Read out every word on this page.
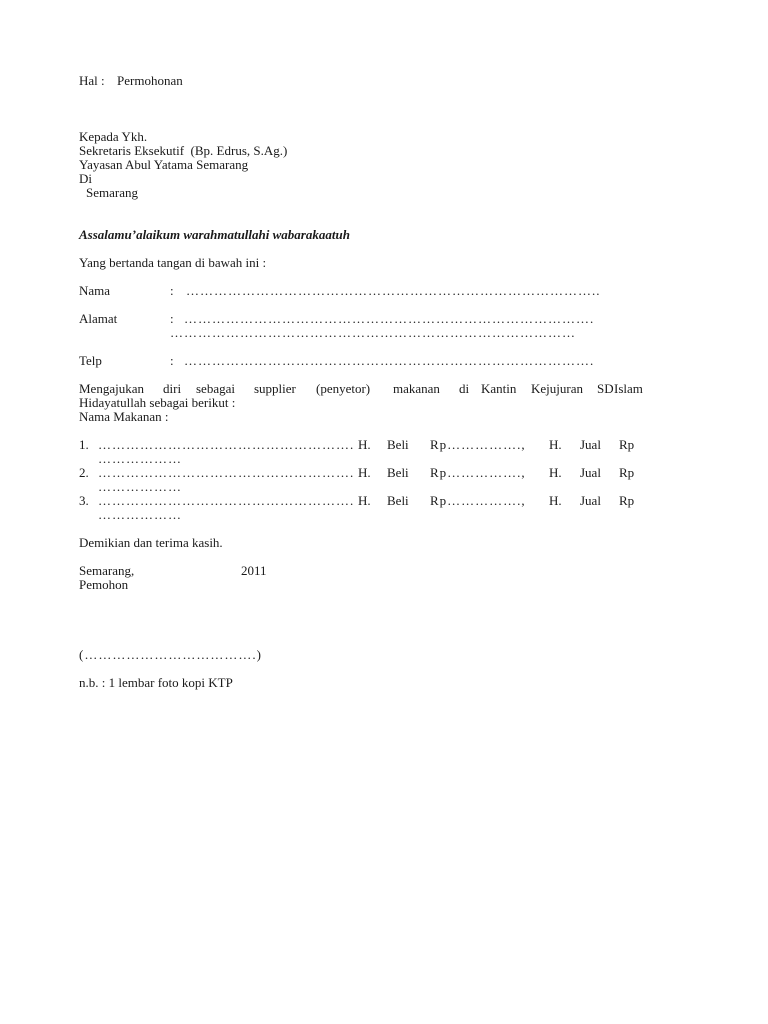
Hal : Permohonan
Kepada Ykh.
Sekretaris Eksekutif  (Bp. Edrus, S.Ag.)
Yayasan Abul Yatama Semarang
Di
Semarang
Assalamu’alaikum warahmatullahi wabarakaatuh
Yang bertanda tangan di bawah ini :
Nama	: ……………………………………………………………………………..
Alamat	: …………………………………………………………………………….
……………………………………………………………………………
Telp	: …………………………………………………………………………….
Mengajukan diri sebagai supplier (penyetor) makanan di Kantin Kejujuran SD Islam
Hidayatullah sebagai berikut :
Nama Makanan :
1. ………………………………………………. H. Beli Rp……………., H. Jual Rp
………………
2. ………………………………………………. H. Beli Rp……………., H. Jual Rp
………………
3. ………………………………………………. H. Beli Rp……………., H. Jual Rp
………………
Demikian dan terima kasih.
Semarang,	2011
Pemohon
(……………………………….)
n.b. : 1 lembar foto kopi KTP
